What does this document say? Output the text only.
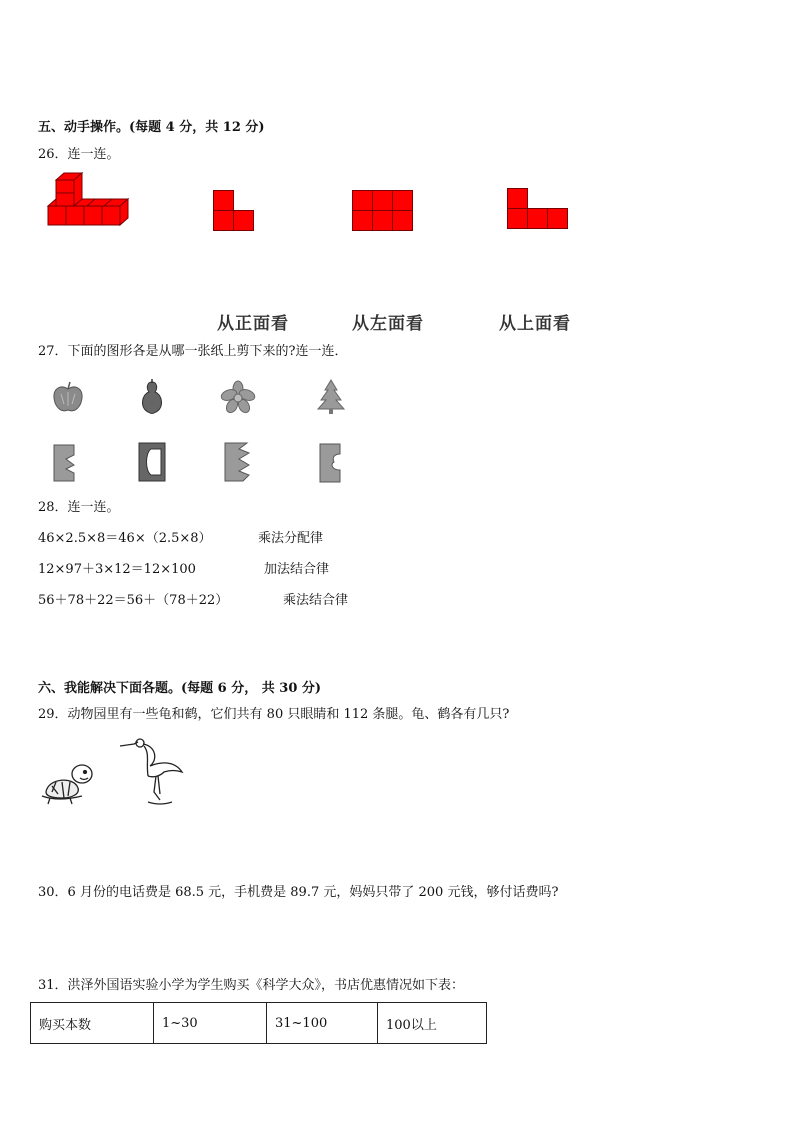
五、动手操作。(每题 4 分，共 12 分)
26．连一连。
从正面看	从左面看	从上面看
27．下面的图形各是从哪一张纸上剪下来的?连一连．
28．连一连。
46×2.5×8＝46×（2.5×8）	乘法分配律
12×97＋3×12＝12×100	加法结合律
56＋78＋22＝56＋（78＋22）	乘法结合律
六、我能解决下面各题。(每题 6 分， 共 30 分)
29．动物园里有一些龟和鹤，它们共有 80 只眼睛和 112 条腿。龟、鹤各有几只?
30．6 月份的电话费是 68.5 元，手机费是 89.7 元，妈妈只带了 200 元钱，够付话费吗?
31．洪泽外国语实验小学为学生购买《科学大众》，书店优惠情况如下表：
购买本数	1~30	31~100	100以上
